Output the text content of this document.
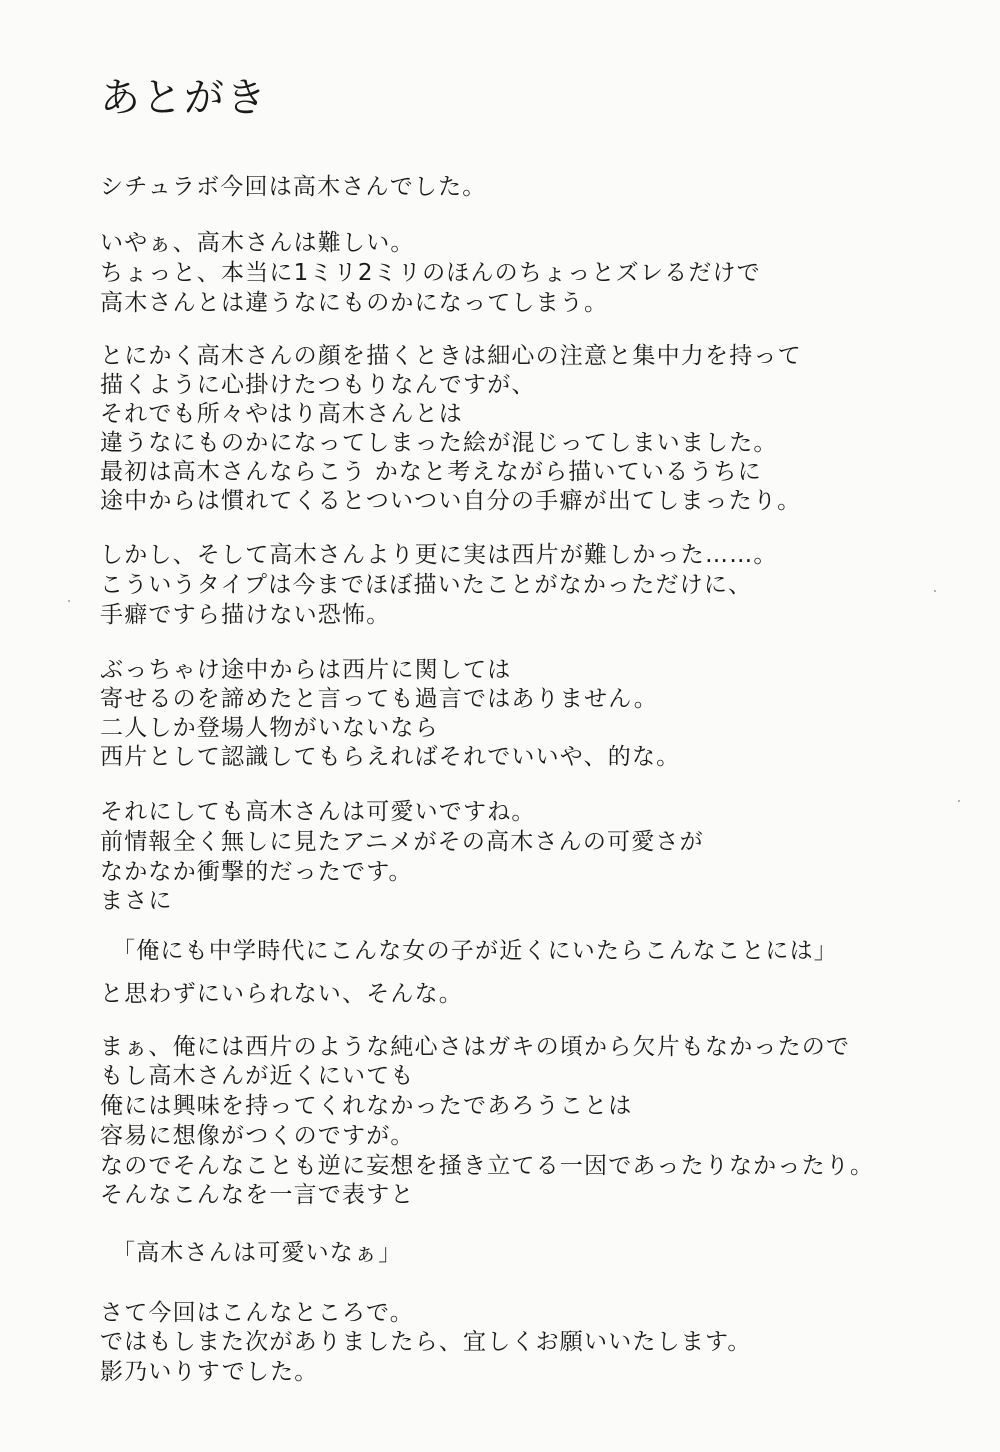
あとがき
シチュラボ今回は高木さんでした。
いやぁ、高木さんは難しい。
ちょっと、本当に1ミリ2ミリのほんのちょっとズレるだけで
高木さんとは違うなにものかになってしまう。
とにかく高木さんの顔を描くときは細心の注意と集中力を持って
描くように心掛けたつもりなんですが、
それでも所々やはり高木さんとは
違うなにものかになってしまった絵が混じってしまいました。
最初は高木さんならこう かなと考えながら描いているうちに
途中からは慣れてくるとついつい自分の手癖が出てしまったり。
しかし、そして高木さんより更に実は西片が難しかった……。
こういうタイプは今までほぼ描いたことがなかっただけに、
手癖ですら描けない恐怖。
ぶっちゃけ途中からは西片に関しては
寄せるのを諦めたと言っても過言ではありません。
二人しか登場人物がいないなら
西片として認識してもらえればそれでいいや、的な。
それにしても高木さんは可愛いですね。
前情報全く無しに見たアニメがその高木さんの可愛さが
なかなか衝撃的だったです。
まさに
「俺にも中学時代にこんな女の子が近くにいたらこんなことには」
と思わずにいられない、そんな。
まぁ、俺には西片のような純心さはガキの頃から欠片もなかったので
もし高木さんが近くにいても
俺には興味を持ってくれなかったであろうことは
容易に想像がつくのですが。
なのでそんなことも逆に妄想を掻き立てる一因であったりなかったり。
そんなこんなを一言で表すと
「高木さんは可愛いなぁ」
さて今回はこんなところで。
ではもしまた次がありましたら、宜しくお願いいたします。
影乃いりすでした。
